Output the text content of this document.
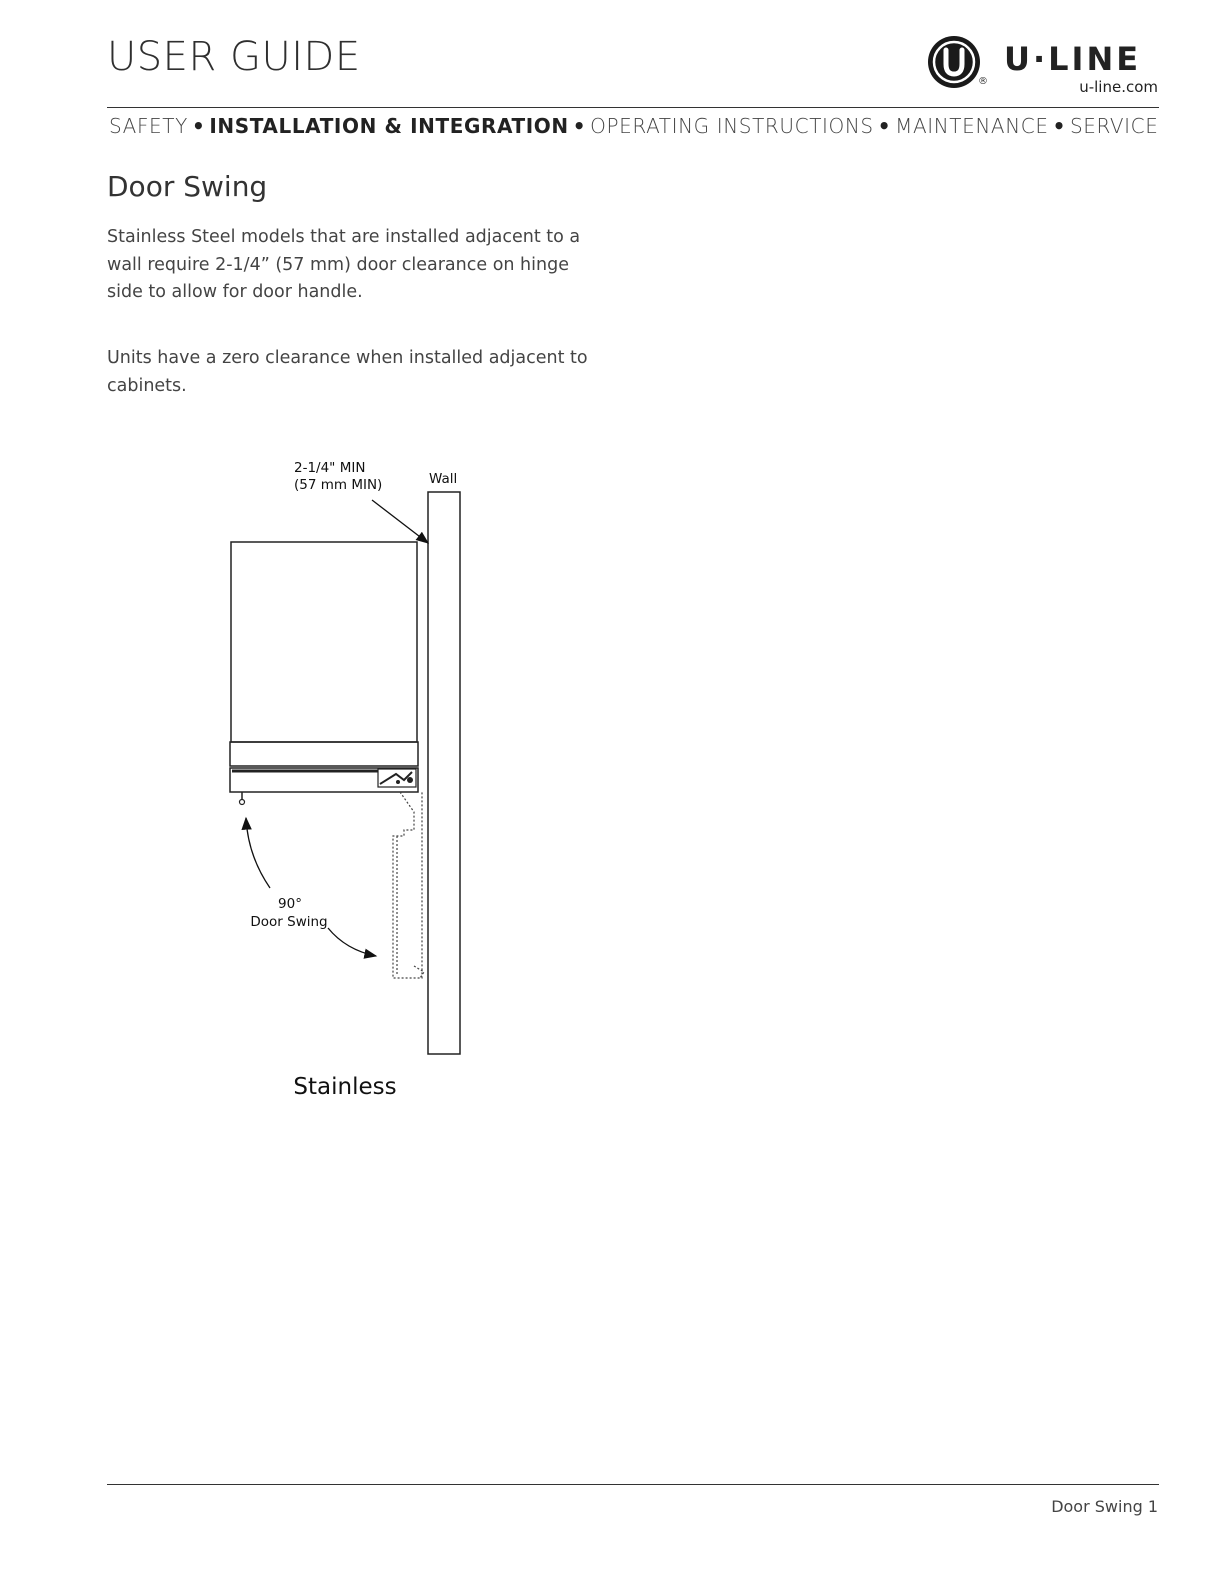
USER GUIDE
®
U·LINE
u-line.com
SAFETY • INSTALLATION & INTEGRATION • OPERATING INSTRUCTIONS • MAINTENANCE • SERVICE
Door Swing
Stainless Steel models that are installed adjacent to a wall require 2-1/4” (57 mm) door clearance on hinge side to allow for door handle.
Units have a zero clearance when installed adjacent to cabinets.
2-1/4" MIN
(57 mm MIN)	Wall
90°
Door Swing
Stainless
Door Swing 1
